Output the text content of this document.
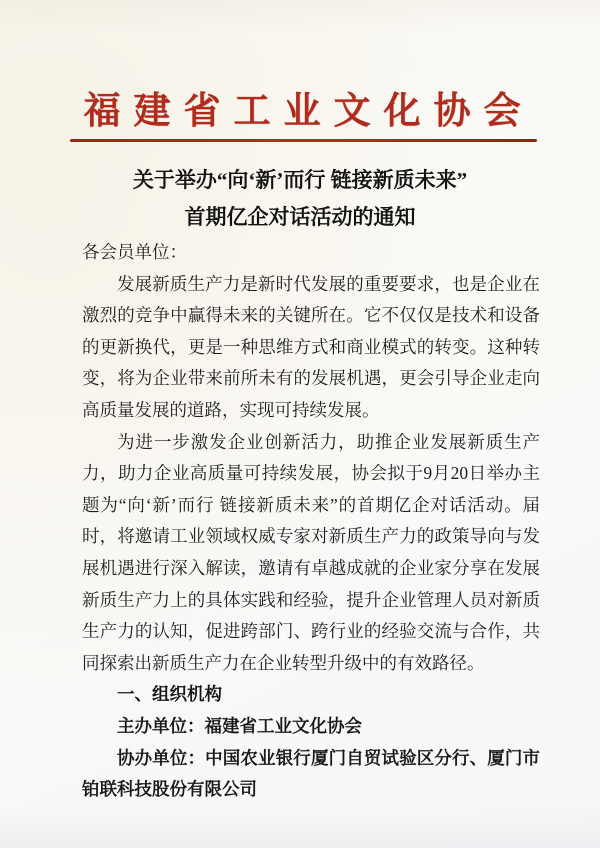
福建省工业文化协会
关于举办“向‘新’而行 链接新质未来”
首期亿企对话活动的通知
各会员单位：

发展新质生产力是新时代发展的重要要求，也是企业在激烈的竞争中赢得未来的关键所在。它不仅仅是技术和设备的更新换代，更是一种思维方式和商业模式的转变。这种转变，将为企业带来前所未有的发展机遇，更会引导企业走向高质量发展的道路，实现可持续发展。

为进一步激发企业创新活力，助推企业发展新质生产力，助力企业高质量可持续发展，协会拟于9月20日举办主题为“向‘新’而行 链接新质未来”的首期亿企对话活动。届时，将邀请工业领域权威专家对新质生产力的政策导向与发展机遇进行深入解读，邀请有卓越成就的企业家分享在发展新质生产力上的具体实践和经验，提升企业管理人员对新质生产力的认知，促进跨部门、跨行业的经验交流与合作，共同探索出新质生产力在企业转型升级中的有效路径。

一、组织机构
主办单位：福建省工业文化协会
协办单位：中国农业银行厦门自贸试验区分行、厦门市铂联科技股份有限公司
